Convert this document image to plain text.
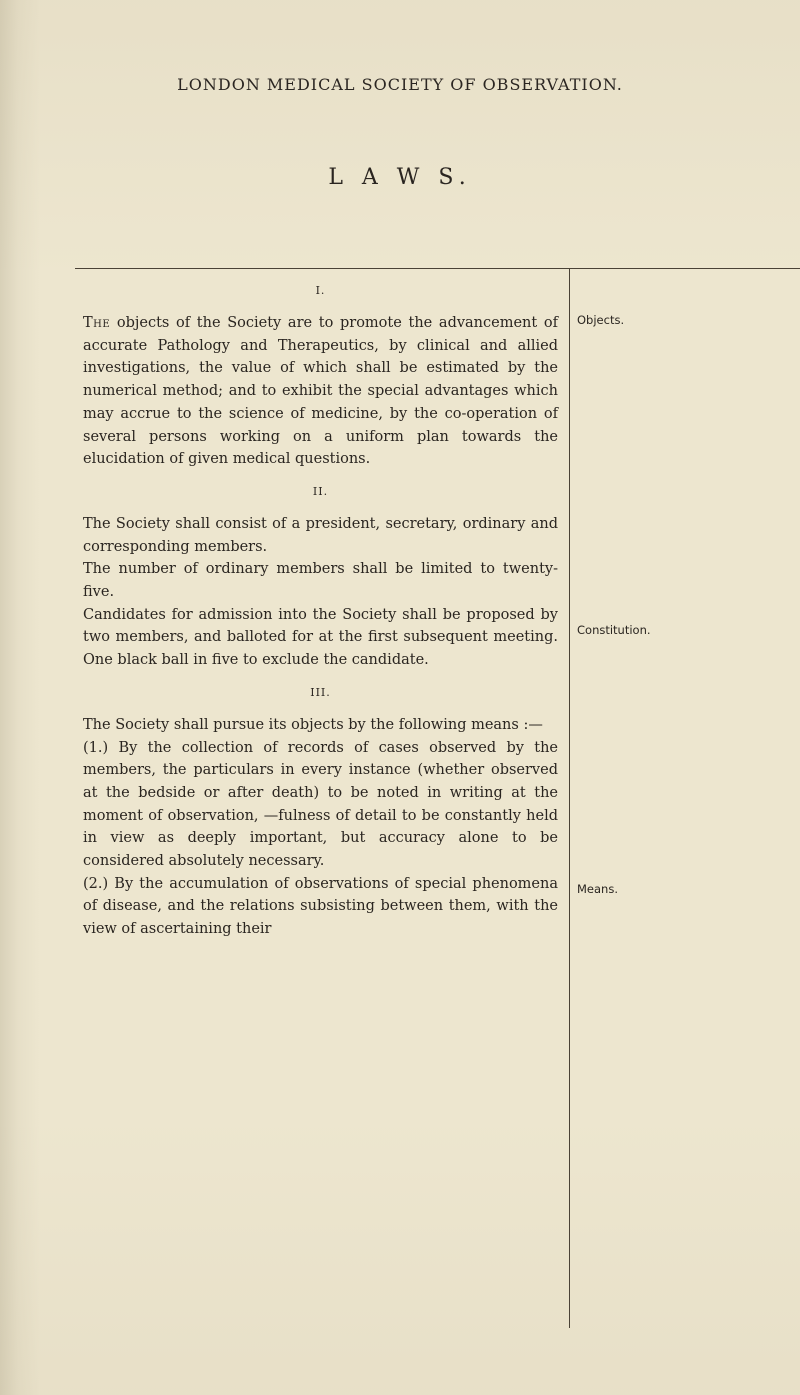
LONDON MEDICAL SOCIETY OF OBSERVATION.
L A W S.
I.

The objects of the Society are to promote the advancement of accurate Pathology and Therapeutics, by clinical and allied investigations, the value of which shall be estimated by the numerical method; and to exhibit the special advantages which may accrue to the science of medicine, by the co-operation of several persons working on a uniform plan towards the elucidation of given medical questions.

II.

The Society shall consist of a president, secretary, ordinary and corresponding members.

The number of ordinary members shall be limited to twenty-five.

Candidates for admission into the Society shall be proposed by two members, and balloted for at the first subsequent meeting. One black ball in five to exclude the candidate.

III.

The Society shall pursue its objects by the following means :—

(1.) By the collection of records of cases observed by the members, the particulars in every instance (whether observed at the bedside or after death) to be noted in writing at the moment of observation, —fulness of detail to be constantly held in view as deeply important, but accuracy alone to be considered absolutely necessary.

(2.) By the accumulation of observations of special phenomena of disease, and the relations subsisting between them, with the view of ascertaining their

Objects.
Constitution.
Means.
